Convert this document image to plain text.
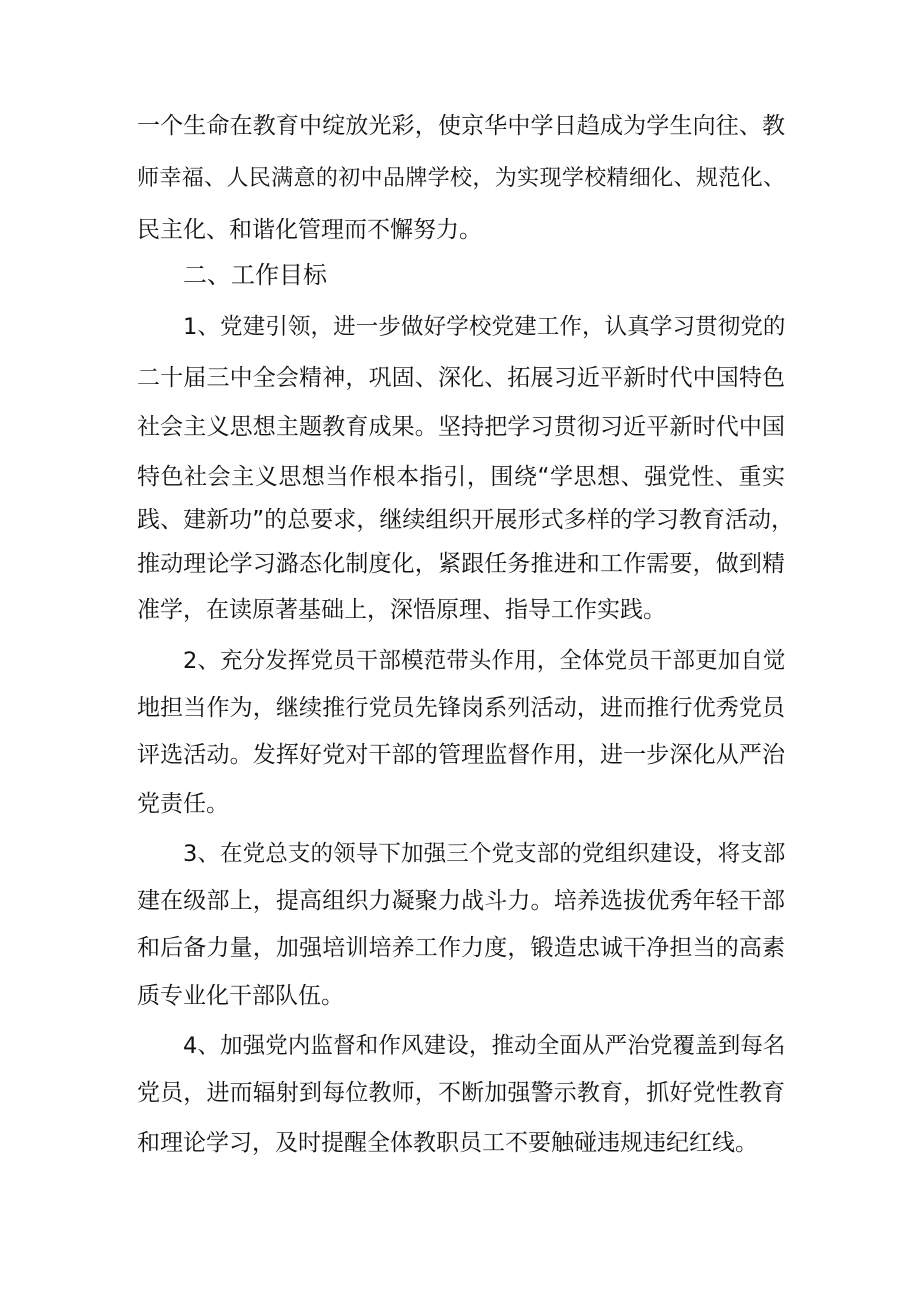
一个生命在教育中绽放光彩，使京华中学日趋成为学生向往、教
师幸福、人民满意的初中品牌学校，为实现学校精细化、规范化、
民主化、和谐化管理而不懈努力。
二、工作目标
1、党建引领，进一步做好学校党建工作，认真学习贯彻党的
二十届三中全会精神，巩固、深化、拓展习近平新时代中国特色
社会主义思想主题教育成果。坚持把学习贯彻习近平新时代中国
特色社会主义思想当作根本指引，围绕“学思想、强党性、重实
践、建新功”的总要求，继续组织开展形式多样的学习教育活动，
推动理论学习潞态化制度化，紧跟任务推进和工作需要，做到精
准学，在读原著基础上，深悟原理、指导工作实践。
2、充分发挥党员干部模范带头作用，全体党员干部更加自觉
地担当作为，继续推行党员先锋岗系列活动，进而推行优秀党员
评选活动。发挥好党对干部的管理监督作用，进一步深化从严治
党责任。
3、在党总支的领导下加强三个党支部的党组织建设，将支部
建在级部上，提高组织力凝聚力战斗力。培养选拔优秀年轻干部
和后备力量，加强培训培养工作力度，锻造忠诚干净担当的高素
质专业化干部队伍。
4、加强党内监督和作风建设，推动全面从严治党覆盖到每名
党员，进而辐射到每位教师，不断加强警示教育，抓好党性教育
和理论学习，及时提醒全体教职员工不要触碰违规违纪红线。
